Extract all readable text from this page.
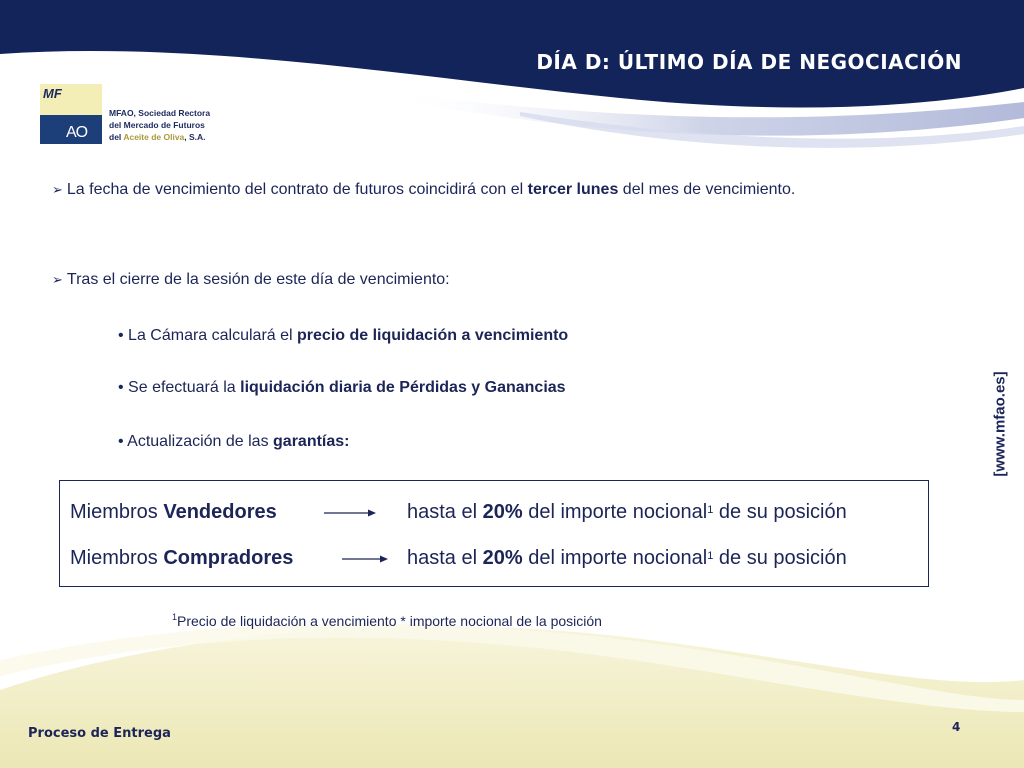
DÍA D: ÚLTIMO DÍA DE NEGOCIACIÓN
MF
AO
MFAO, Sociedad Rectora
del Mercado de Futuros
del Aceite de Oliva, S.A.
➢ La fecha de vencimiento del contrato de futuros coincidirá con el tercer lunes del mes de vencimiento.
➢ Tras el cierre de la sesión de este día de vencimiento:
• La Cámara calculará el precio de liquidación a vencimiento
• Se efectuará la liquidación diaria de Pérdidas y Ganancias
• Actualización de las garantías:
Miembros Vendedores	hasta el 20% del importe nocional$^1$ de su posición
Miembros Compradores	hasta el 20% del importe nocional$^1$ de su posición
$^1$Precio de liquidación a vencimiento * importe nocional de la posición
[www.mfao.es]
Proceso de Entrega	4
